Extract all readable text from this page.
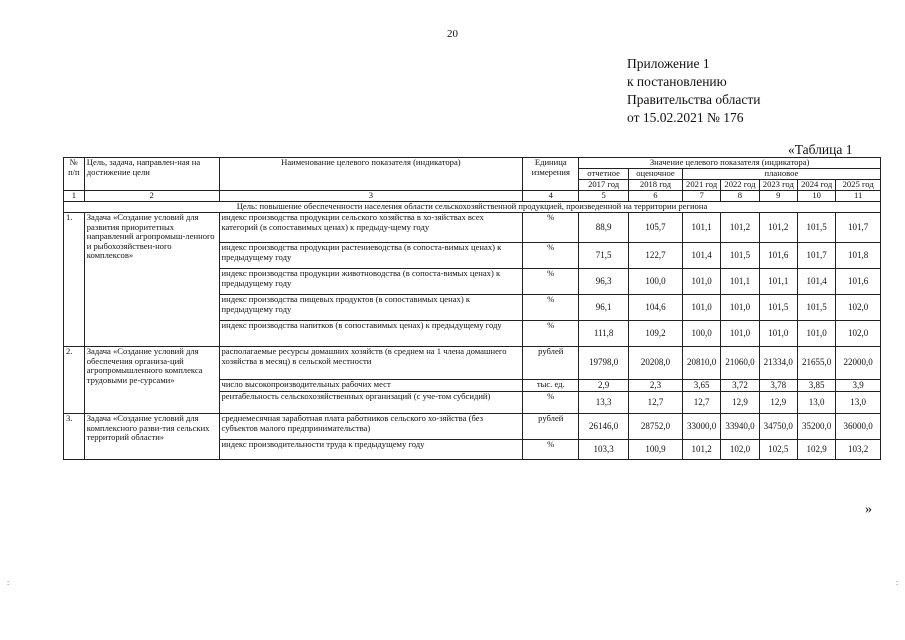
20
Приложение 1
к постановлению
Правительства области
от 15.02.2021 № 176
«Таблица 1
№ п/п	Цель, задача, направлен-ная на достижение цели	Наименование целевого показателя (индикатора)	Единица измерения	Значение целевого показателя (индикатора)						
				отчетное	оценочное	плановое				
				2017 год	2018 год	2021 год	2022 год	2023 год	2024 год	2025 год
1	2	3	4	5	6	7	8	9	10	11
Цель: повышение обеспеченности населения области сельскохозяйственной продукцией, произведенной на территории региона										
1.	Задача «Создание условий для развития приоритетных направлений агропромыш-ленного и рыбохозяйствен-ного комплексов»	индекс производства продукции сельского хозяйства в хо-зяйствах всех категорий (в сопоставимых ценах) к предыду-щему году	%	88,9	105,7	101,1	101,2	101,2	101,5	101,7
		индекс производства продукции растениеводства (в сопоста-вимых ценах) к предыдущему году	%	71,5	122,7	101,4	101,5	101,6	101,7	101,8
		индекс производства продукции животноводства (в сопоста-вимых ценах) к предыдущему году	%	96,3	100,0	101,0	101,1	101,1	101,4	101,6
		индекс производства пищевых продуктов (в сопоставимых ценах) к предыдущему году	%	96,1	104,6	101,0	101,0	101,5	101,5	102,0
		индекс производства напитков (в сопоставимых ценах) к предыдущему году	%	111,8	109,2	100,0	101,0	101,0	101,0	102,0
2.	Задача «Создание условий для обеспечения организа-ций агропромышленного комплекса трудовыми ре-сурсами»	располагаемые ресурсы домашних хозяйств (в среднем на 1 члена домашнего хозяйства в месяц) в сельской местности	рублей	19798,0	20208,0	20810,0	21060,0	21334,0	21655,0	22000,0
		число высокопроизводительных рабочих мест	тыс. ед.	2,9	2,3	3,65	3,72	3,78	3,85	3,9
		рентабельность сельскохозяйственных организаций (с уче-том субсидий)	%	13,3	12,7	12,7	12,9	12,9	13,0	13,0
3.	Задача «Создание условий для комплексного разви-тия сельских территорий области»	среднемесячная заработная плата работников сельского хо-зяйства (без субъектов малого предпринимательства)	рублей	26146,0	28752,0	33000,0	33940,0	34750,0	35200,0	36000,0
		индекс производительности труда к предыдущему году	%	103,3	100,9	101,2	102,0	102,5	102,9	103,2
»
:	:
